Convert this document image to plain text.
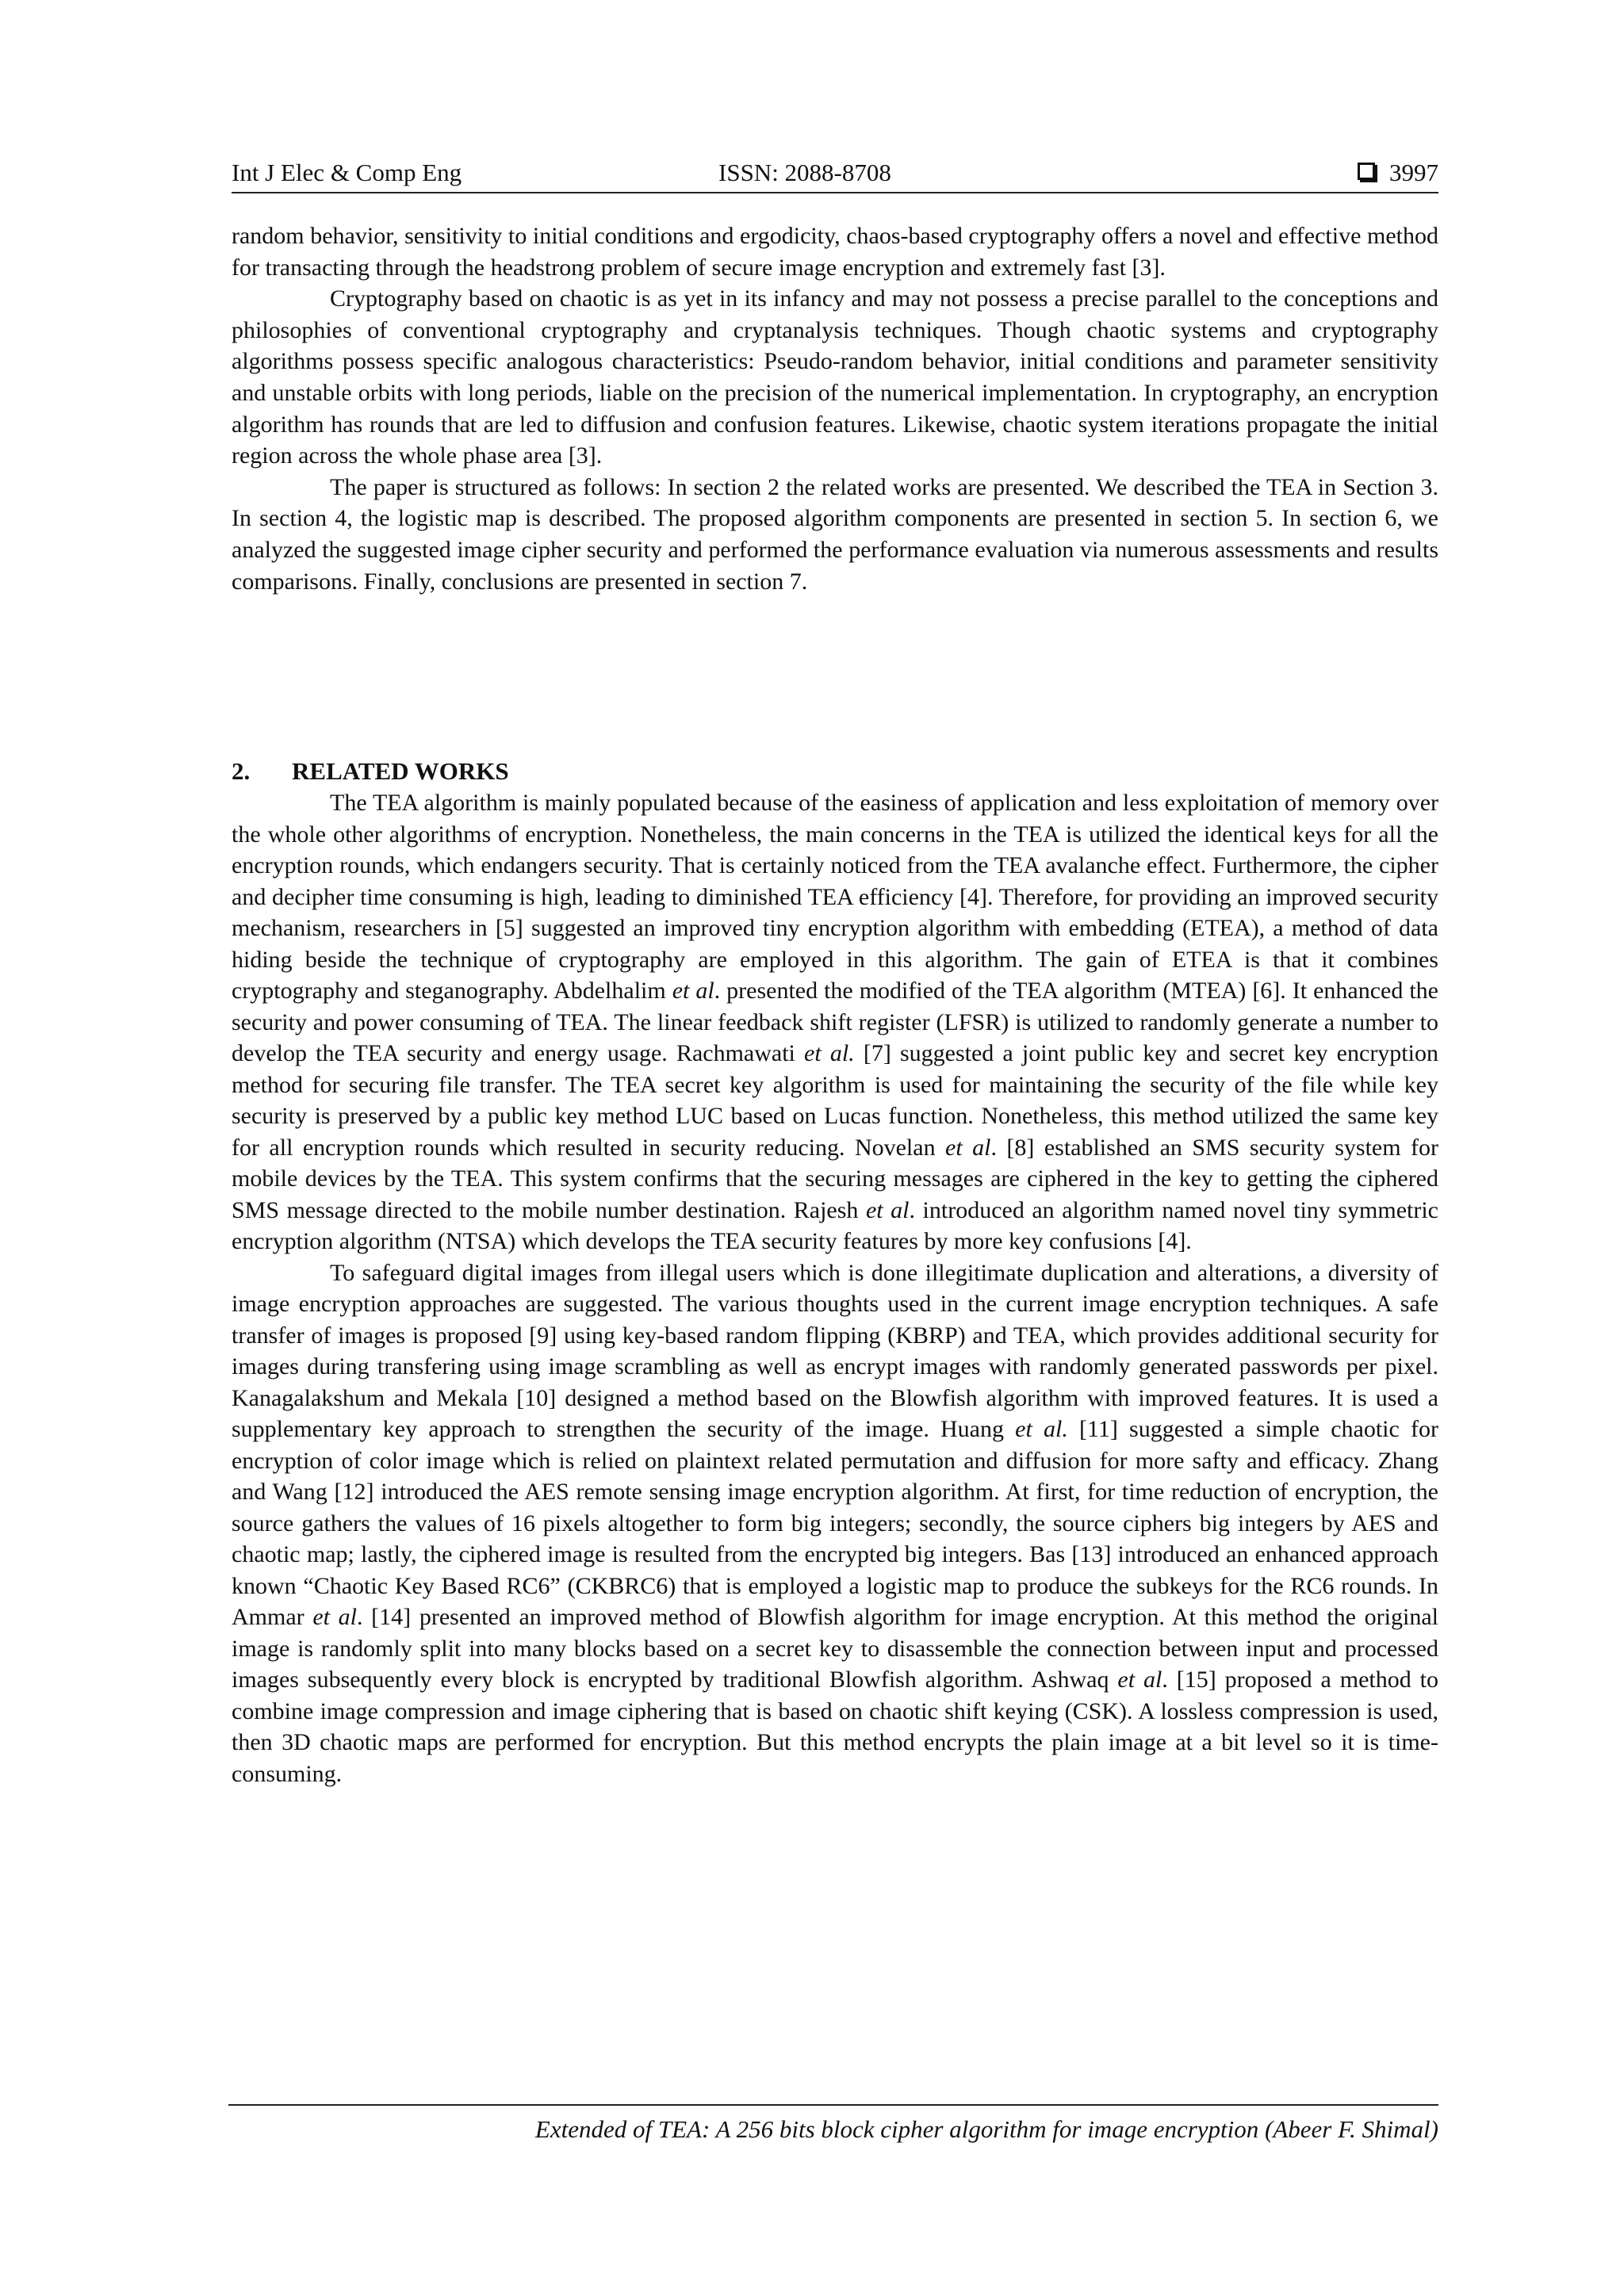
Int J Elec & Comp Eng	ISSN: 2088-8708	3997

random behavior, sensitivity to initial conditions and ergodicity, chaos-based cryptography offers a novel and effective method for transacting through the headstrong problem of secure image encryption and extremely fast [3].

Cryptography based on chaotic is as yet in its infancy and may not possess a precise parallel to the conceptions and philosophies of conventional cryptography and cryptanalysis techniques. Though chaotic systems and cryptography algorithms possess specific analogous characteristics: Pseudo-random behavior, initial conditions and parameter sensitivity and unstable orbits with long periods, liable on the precision of the numerical implementation. In cryptography, an encryption algorithm has rounds that are led to diffusion and confusion features. Likewise, chaotic system iterations propagate the initial region across the whole phase area [3].

The paper is structured as follows: In section 2 the related works are presented. We described the TEA in Section 3. In section 4, the logistic map is described. The proposed algorithm components are presented in section 5. In section 6, we analyzed the suggested image cipher security and performed the performance evaluation via numerous assessments and results comparisons. Finally, conclusions are presented in section 7.

2. RELATED WORKS

The TEA algorithm is mainly populated because of the easiness of application and less exploitation of memory over the whole other algorithms of encryption. Nonetheless, the main concerns in the TEA is utilized the identical keys for all the encryption rounds, which endangers security. That is certainly noticed from the TEA avalanche effect. Furthermore, the cipher and decipher time consuming is high, leading to diminished TEA efficiency [4]. Therefore, for providing an improved security mechanism, researchers in [5] suggested an improved tiny encryption algorithm with embedding (ETEA), a method of data hiding beside the technique of cryptography are employed in this algorithm. The gain of ETEA is that it combines cryptography and steganography. Abdelhalim et al. presented the modified of the TEA algorithm (MTEA) [6]. It enhanced the security and power consuming of TEA. The linear feedback shift register (LFSR) is utilized to randomly generate a number to develop the TEA security and energy usage. Rachmawati et al. [7] suggested a joint public key and secret key encryption method for securing file transfer. The TEA secret key algorithm is used for maintaining the security of the file while key security is preserved by a public key method LUC based on Lucas function. Nonetheless, this method utilized the same key for all encryption rounds which resulted in security reducing. Novelan et al. [8] established an SMS security system for mobile devices by the TEA. This system confirms that the securing messages are ciphered in the key to getting the ciphered SMS message directed to the mobile number destination. Rajesh et al. introduced an algorithm named novel tiny symmetric encryption algorithm (NTSA) which develops the TEA security features by more key confusions [4].

To safeguard digital images from illegal users which is done illegitimate duplication and alterations, a diversity of image encryption approaches are suggested. The various thoughts used in the current image encryption techniques. A safe transfer of images is proposed [9] using key-based random flipping (KBRP) and TEA, which provides additional security for images during transfering using image scrambling as well as encrypt images with randomly generated passwords per pixel. Kanagalakshum and Mekala [10] designed a method based on the Blowfish algorithm with improved features. It is used a supplementary key approach to strengthen the security of the image. Huang et al. [11] suggested a simple chaotic for encryption of color image which is relied on plaintext related permutation and diffusion for more safty and efficacy. Zhang and Wang [12] introduced the AES remote sensing image encryption algorithm. At first, for time reduction of encryption, the source gathers the values of 16 pixels altogether to form big integers; secondly, the source ciphers big integers by AES and chaotic map; lastly, the ciphered image is resulted from the encrypted big integers. Bas [13] introduced an enhanced approach known “Chaotic Key Based RC6” (CKBRC6) that is employed a logistic map to produce the subkeys for the RC6 rounds. In Ammar et al. [14] presented an improved method of Blowfish algorithm for image encryption. At this method the original image is randomly split into many blocks based on a secret key to disassemble the connection between input and processed images subsequently every block is encrypted by traditional Blowfish algorithm. Ashwaq et al. [15] proposed a method to combine image compression and image ciphering that is based on chaotic shift keying (CSK). A lossless compression is used, then 3D chaotic maps are performed for encryption. But this method encrypts the plain image at a bit level so it is time-consuming.

Extended of TEA: A 256 bits block cipher algorithm for image encryption (Abeer F. Shimal)
